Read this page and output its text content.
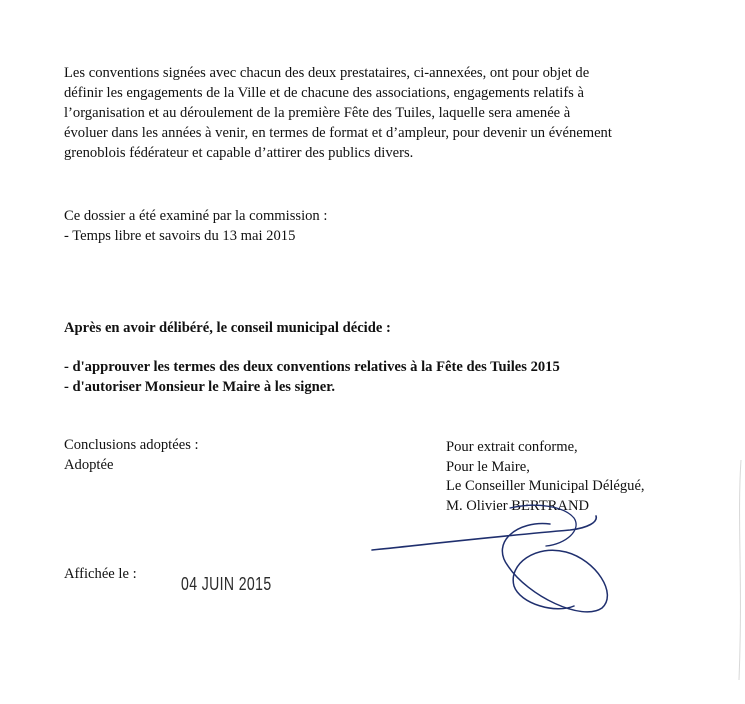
Les conventions signées avec chacun des deux prestataires, ci-annexées, ont pour objet de
définir les engagements de la Ville et de chacune des associations, engagements relatifs à
l’organisation et au déroulement de la première Fête des Tuiles, laquelle sera amenée à
évoluer dans les années à venir, en termes de format et d’ampleur, pour devenir un événement
grenoblois fédérateur et capable d’attirer des publics divers.

Ce dossier a été examiné par la commission :
- Temps libre et savoirs du 13 mai 2015
Après en avoir délibéré, le conseil municipal décide :
- d'approuver les termes des deux conventions relatives à la Fête des Tuiles 2015
- d'autoriser Monsieur le Maire à les signer.
Conclusions adoptées :
Adoptée
Pour extrait conforme,
Pour le Maire,
Le Conseiller Municipal Délégué,
M. Olivier BERTRAND
Affichée le : 04 JUIN 2015
